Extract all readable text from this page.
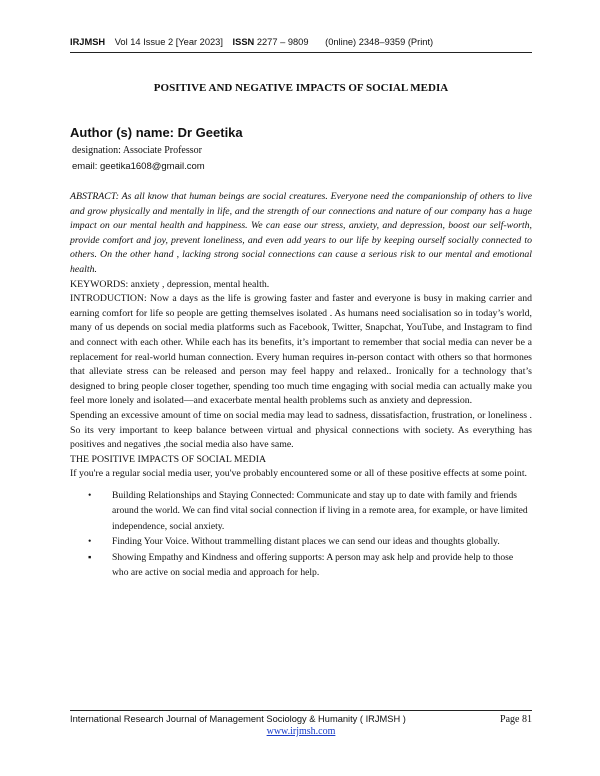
IRJMSH Vol 14 Issue 2 [Year 2023] ISSN 2277 – 9809 (0nline) 2348–9359 (Print)
POSITIVE AND NEGATIVE IMPACTS OF SOCIAL MEDIA
Author (s) name: Dr Geetika
designation: Associate Professor
email: geetika1608@gmail.com

ABSTRACT: As all know that human beings are social creatures. Everyone need the companionship of others to live and grow physically and mentally in life, and the strength of our connections and nature of our company has a huge impact on our mental health and happiness. We can ease our stress, anxiety, and depression, boost our self-worth, provide comfort and joy, prevent loneliness, and even add years to our life by keeping ourself socially connected to others. On the other hand , lacking strong social connections can cause a serious risk to our mental and emotional health.

KEYWORDS: anxiety , depression, mental health.

INTRODUCTION: Now a days as the life is growing faster and faster and everyone is busy in making carrier and earning comfort for life so people are getting themselves isolated . As humans need socialisation so in today’s world, many of us depends on social media platforms such as Facebook, Twitter, Snapchat, YouTube, and Instagram to find and connect with each other. While each has its benefits, it’s important to remember that social media can never be a replacement for real-world human connection. Every human requires in-person contact with others so that hormones that alleviate stress can be released and person may feel happy and relaxed.. Ironically for a technology that’s designed to bring people closer together, spending too much time engaging with social media can actually make you feel more lonely and isolated—and exacerbate mental health problems such as anxiety and depression.

Spending an excessive amount of time on social media may lead to sadness, dissatisfaction, frustration, or loneliness . So its very important to keep balance between virtual and physical connections with society. As everything has positives and negatives ,the social media also have same.

THE POSITIVE IMPACTS OF SOCIAL MEDIA

If you're a regular social media user, you've probably encountered some or all of these positive effects at some point.

• Building Relationships and Staying Connected: Communicate and stay up to date with family and friends around the world. We can find vital social connection if living in a remote area, for example, or have limited independence, social anxiety.
• Finding Your Voice. Without trammelling distant places we can send our ideas and thoughts globally.
▪ Showing Empathy and Kindness and offering supports: A person may ask help and provide help to those who are active on social media and approach for help.
International Research Journal of Management Sociology & Humanity ( IRJMSH )	Page 81
www.irjmsh.com
